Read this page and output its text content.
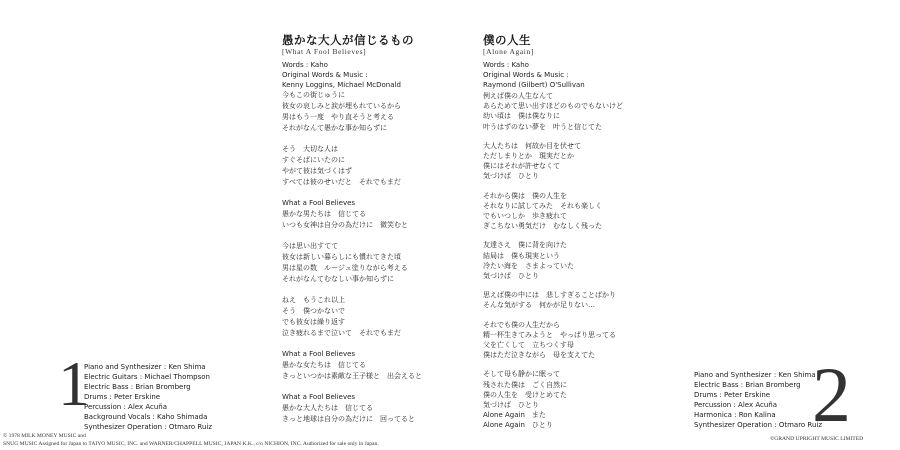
愚かな大人が信じるもの
[What A Fool Believes]
Words : Kaho
Original Words & Music :
Kenny Loggins, Michael McDonald
今もこの街じゅうに
彼女の哀しみと涙が埋もれているから
男はもう一度　やり直そうと考える
それがなんて愚かな事か知らずに
そう　大切な人は
すぐそばにいたのに
やがて彼は気づくはず
すべては彼のせいだと　それでもまだ
What a Fool Believes
愚かな男たちは　信じてる
いつも女神は自分の為だけに　微笑むと
今は思い出すてて
彼女は新しい暮らしにも慣れてきた頃
男は星の数　ルージュ塗りながら考える
それがなんてむなしい事か知らずに
ねえ　もうこれ以上
そう　僕つかないで
でも彼女は繰り返す
泣き疲れるまで泣いて　それでもまだ
What a Fool Believes
愚かな女たちは　信じてる
きっといつかは素敵な王子様と　出会えると
What a Fool Believes
愚かな大人たちは　信じてる
きっと地球は自分の為だけに　回ってると
1
Piano and Synthesizer : Ken Shima
Electric Guitars : Michael Thompson
Electric Bass : Brian Bromberg
Drums : Peter Erskine
Percussion : Alex Acuña
Background Vocals : Kaho Shimada
Synthesizer Operation : Otmaro Ruiz
© 1978 MILK MONEY MUSIC and
SNUG MUSIC Assigned for Japan to TAIYO MUSIC, INC. and WARNER/CHAPPELL MUSIC, JAPAN K.K., c/o NICHION, INC. Authorized for sale only in Japan.
僕の人生
[Alone Again]
Words : Kaho
Original Words & Music :
Raymond (Gilbert) O'Sullivan
例えば僕の人生なんて
あらためて思い出すほどのものでもないけど
幼い頃は　僕は僕なりに
叶うはずのない夢を　叶うと信じてた
大人たちは　何故か目を伏せて
ただしまりとか　現実だとか
僕にはそれが許せなくて
気づけば　ひとり
それから僕は　僕の人生を
それなりに試してみた　それも楽しく
でもいつしか　歩き疲れて
ぎこちない勇気だけ　むなしく残った
友達さえ　僕に背を向けた
結局は　僕も現実という
冷たい海を　さまよっていた
気づけば　ひとり
思えば僕の中には　悲しすぎることばかり
そんな気がする　何かが足りない…
それでも僕の人生だから
精一杯生きてみようと　やっぱり思ってる
父を亡くして　立ちつくす母
僕はただ泣きながら　母を支えてた
そして母も静かに眠って
残された僕は　ごく自然に
僕の人生を　受けとめてた
気づけば　ひとり
Alone Again　また
Alone Again　ひとり
Piano and Synthesizer : Ken Shima
Electric Bass : Brian Bromberg
Drums : Peter Erskine
Percussion : Alex Acuña
Harmonica : Ron Kalina
Synthesizer Operation : Otmaro Ruiz
2
©GRAND UPRIGHT MUSIC LIMITED
